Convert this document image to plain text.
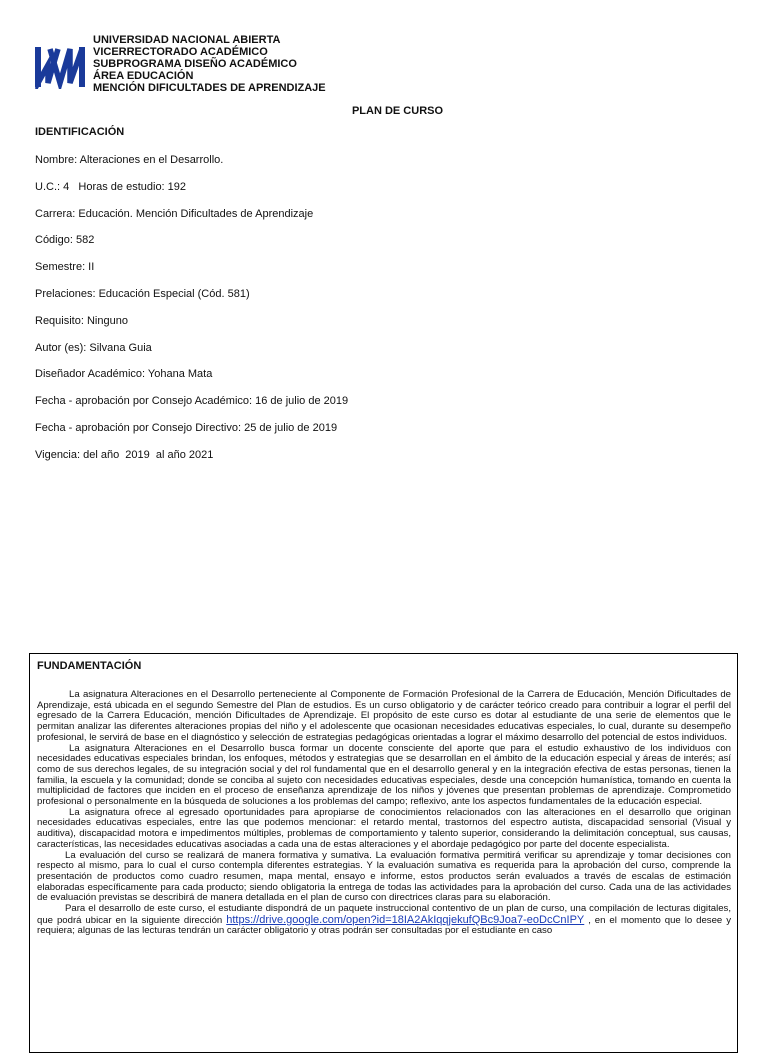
UNIVERSIDAD NACIONAL ABIERTA
VICERRECTORADO ACADÉMICO
SUBPROGRAMA DISEÑO ACADÉMICO
ÁREA EDUCACIÓN
MENCIÓN DIFICULTADES DE APRENDIZAJE
PLAN DE CURSO
IDENTIFICACIÓN
Nombre: Alteraciones en el Desarrollo.
U.C.: 4   Horas de estudio: 192
Carrera: Educación. Mención Dificultades de Aprendizaje
Código: 582
Semestre: II
Prelaciones: Educación Especial (Cód. 581)
Requisito: Ninguno
Autor (es): Silvana Guia
Diseñador Académico: Yohana Mata
Fecha - aprobación por Consejo Académico: 16 de julio de 2019
Fecha - aprobación por Consejo Directivo: 25 de julio de 2019
Vigencia: del año  2019  al año 2021
FUNDAMENTACIÓN

La asignatura Alteraciones en el Desarrollo perteneciente al Componente de Formación Profesional de la Carrera de Educación, Mención Dificultades de Aprendizaje, está ubicada en el segundo Semestre del Plan de estudios. Es un curso obligatorio y de carácter teórico creado para contribuir a lograr el perfil del egresado de la Carrera Educación, mención Dificultades de Aprendizaje. El propósito de este curso es dotar al estudiante de una serie de elementos que le permitan analizar las diferentes alteraciones propias del niño y el adolescente que ocasionan necesidades educativas especiales, lo cual, durante su desempeño profesional, le servirá de base en el diagnóstico y selección de estrategias pedagógicas orientadas a lograr el máximo desarrollo del potencial de estos individuos.

La asignatura Alteraciones en el Desarrollo busca formar un docente consciente del aporte que para el estudio exhaustivo de los individuos con necesidades educativas especiales brindan, los enfoques, métodos y estrategias que se desarrollan en el ámbito de la educación especial y áreas de interés; así como de sus derechos legales, de su integración social y del rol fundamental que en el desarrollo general y en la integración efectiva de estas personas, tienen la familia, la escuela y la comunidad; donde se conciba al sujeto con necesidades educativas especiales, desde una concepción humanística, tomando en cuenta la multiplicidad de factores que inciden en el proceso de enseñanza aprendizaje de los niños y jóvenes que presentan problemas de aprendizaje. Comprometido profesional o personalmente en la búsqueda de soluciones a los problemas del campo; reflexivo, ante los aspectos fundamentales de la educación especial.

La asignatura ofrece al egresado oportunidades para apropiarse de conocimientos relacionados con las alteraciones en el desarrollo que originan necesidades educativas especiales, entre las que podemos mencionar: el retardo mental, trastornos del espectro autista, discapacidad sensorial (Visual y auditiva), discapacidad motora e impedimentos múltiples, problemas de comportamiento y talento superior, considerando la delimitación conceptual, sus causas, características, las necesidades educativas asociadas a cada una de estas alteraciones y el abordaje pedagógico por parte del docente especialista.

La evaluación del curso se realizará de manera formativa y sumativa. La evaluación formativa permitirá verificar su aprendizaje y tomar decisiones con respecto al mismo, para lo cual el curso contempla diferentes estrategias. Y la evaluación sumativa es requerida para la aprobación del curso, comprende la presentación de productos como cuadro resumen, mapa mental, ensayo e informe, estos productos serán evaluados a través de escalas de estimación elaboradas específicamente para cada producto; siendo obligatoria la entrega de todas las actividades para la aprobación del curso. Cada una de las actividades de evaluación previstas se describirá de manera detallada en el plan de curso con directrices claras para su elaboración.

Para el desarrollo de este curso, el estudiante dispondrá de un paquete instruccional contentivo de un plan de curso, una compilación de lecturas digitales, que podrá ubicar en la siguiente dirección https://drive.google.com/open?id=18IA2AkIqqjekufQBc9Joa7-eoDcCnIPY , en el momento que lo desee y requiera; algunas de las lecturas tendrán un carácter obligatorio y otras podrán ser consultadas por el estudiante en caso
